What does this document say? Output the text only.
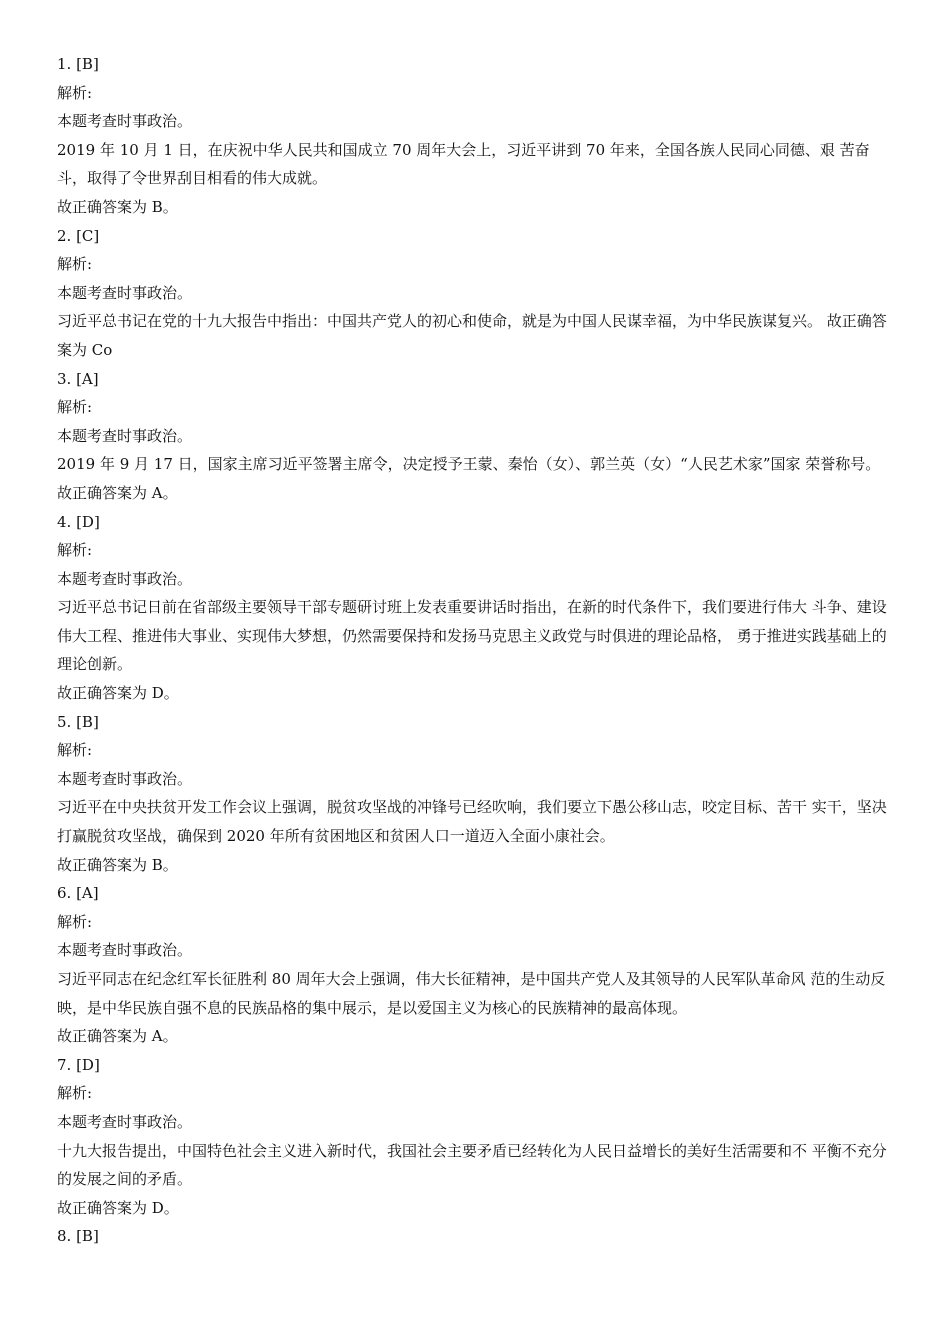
1. [B]

解析:

本题考查时事政治。

2019 年 10 月 1 日，在庆祝中华人民共和国成立 70 周年大会上，习近平讲到 70 年来，全国各族人民同心同德、艰 苦奋斗，取得了令世界刮目相看的伟大成就。

故正确答案为 B。

2. [C]

解析:

本题考查时事政治。

习近平总书记在党的十九大报告中指出：中国共产党人的初心和使命，就是为中国人民谋幸福，为中华民族谋复兴。 故正确答案为 Co

3. [A]

解析:

本题考查时事政治。

2019 年 9 月 17 日，国家主席习近平签署主席令，决定授予王蒙、秦怡（女）、郭兰英（女）“人民艺术家”国家 荣誉称号。

故正确答案为 A。

4. [D]

解析:

本题考查时事政治。

习近平总书记日前在省部级主要领导干部专题研讨班上发表重要讲话时指出，在新的时代条件下，我们要进行伟大 斗争、建设伟大工程、推进伟大事业、实现伟大梦想，仍然需要保持和发扬马克思主义政党与时俱进的理论品格， 勇于推进实践基础上的理论创新。

故正确答案为 D。

5. [B]

解析:

本题考查时事政治。

习近平在中央扶贫开发工作会议上强调，脱贫攻坚战的冲锋号已经吹响，我们要立下愚公移山志，咬定目标、苦干 实干，坚决打赢脱贫攻坚战，确保到 2020 年所有贫困地区和贫困人口一道迈入全面小康社会。

故正确答案为 B。

6. [A]

解析:

本题考查时事政治。

习近平同志在纪念红军长征胜利 80 周年大会上强调，伟大长征精神，是中国共产党人及其领导的人民军队革命风 范的生动反映，是中华民族自强不息的民族品格的集中展示，是以爱国主义为核心的民族精神的最高体现。

故正确答案为 A。

7. [D]

解析:

本题考查时事政治。

十九大报告提出，中国特色社会主义进入新时代，我国社会主要矛盾已经转化为人民日益增长的美好生活需要和不 平衡不充分的发展之间的矛盾。

故正确答案为 D。

8. [B]
